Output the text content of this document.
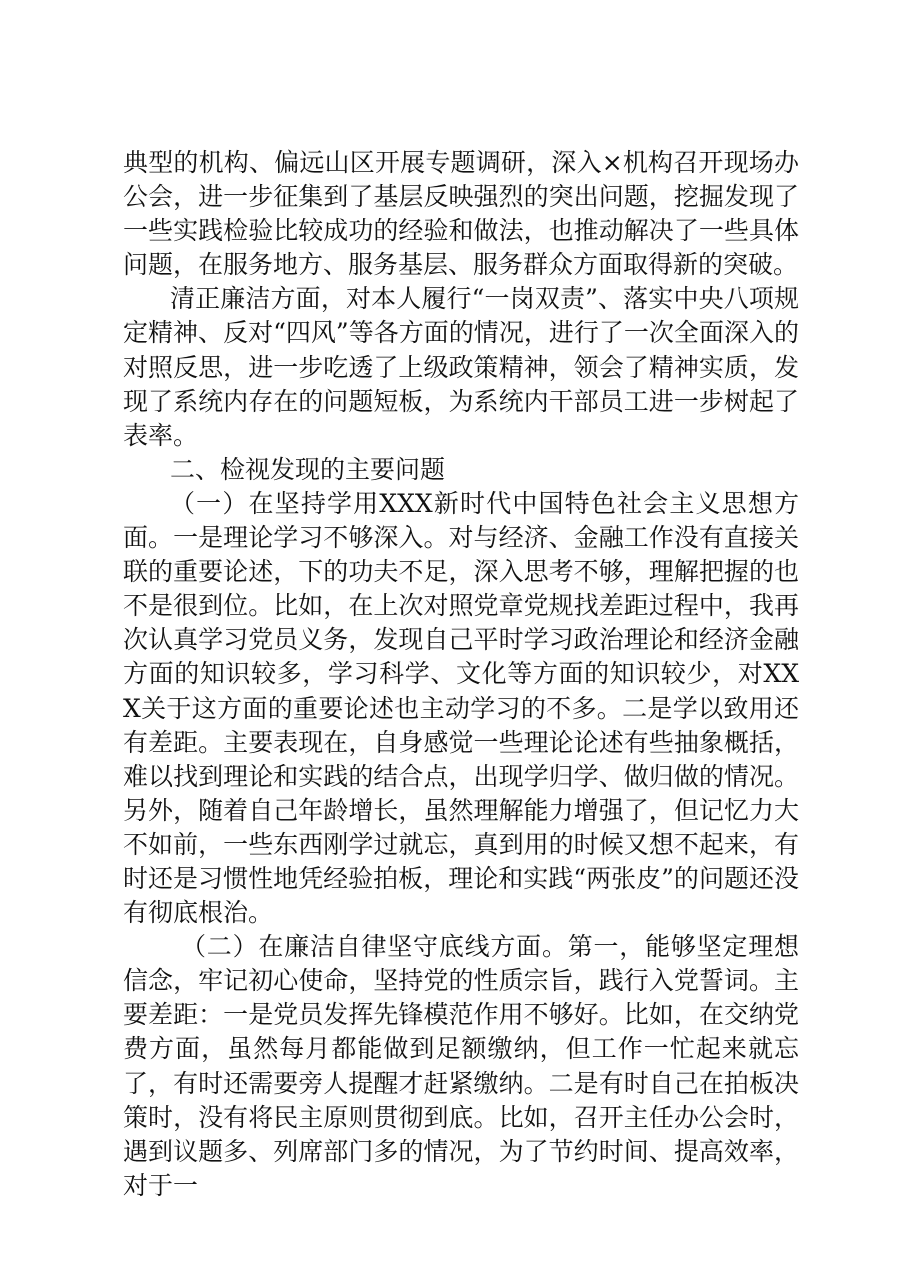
典型的机构、偏远山区开展专题调研，深入×机构召开现场办公会，进一步征集到了基层反映强烈的突出问题，挖掘发现了一些实践检验比较成功的经验和做法，也推动解决了一些具体问题，在服务地方、服务基层、服务群众方面取得新的突破。

清正廉洁方面，对本人履行“一岗双责”、落实中央八项规定精神、反对“四风”等各方面的情况，进行了一次全面深入的对照反思，进一步吃透了上级政策精神，领会了精神实质，发现了系统内存在的问题短板，为系统内干部员工进一步树起了表率。

二、检视发现的主要问题

（一）在坚持学用XXX新时代中国特色社会主义思想方面。一是理论学习不够深入。对与经济、金融工作没有直接关联的重要论述，下的功夫不足，深入思考不够，理解把握的也不是很到位。比如，在上次对照党章党规找差距过程中，我再次认真学习党员义务，发现自己平时学习政治理论和经济金融方面的知识较多，学习科学、文化等方面的知识较少，对XXX关于这方面的重要论述也主动学习的不多。二是学以致用还有差距。主要表现在，自身感觉一些理论论述有些抽象概括，难以找到理论和实践的结合点，出现学归学、做归做的情况。另外，随着自己年龄增长，虽然理解能力增强了，但记忆力大不如前，一些东西刚学过就忘，真到用的时候又想不起来，有时还是习惯性地凭经验拍板，理论和实践“两张皮”的问题还没有彻底根治。

（二）在廉洁自律坚守底线方面。第一，能够坚定理想信念，牢记初心使命，坚持党的性质宗旨，践行入党誓词。主要差距：一是党员发挥先锋模范作用不够好。比如，在交纳党费方面，虽然每月都能做到足额缴纳，但工作一忙起来就忘了，有时还需要旁人提醒才赶紧缴纳。二是有时自己在拍板决策时，没有将民主原则贯彻到底。比如，召开主任办公会时，遇到议题多、列席部门多的情况，为了节约时间、提高效率，对于一
